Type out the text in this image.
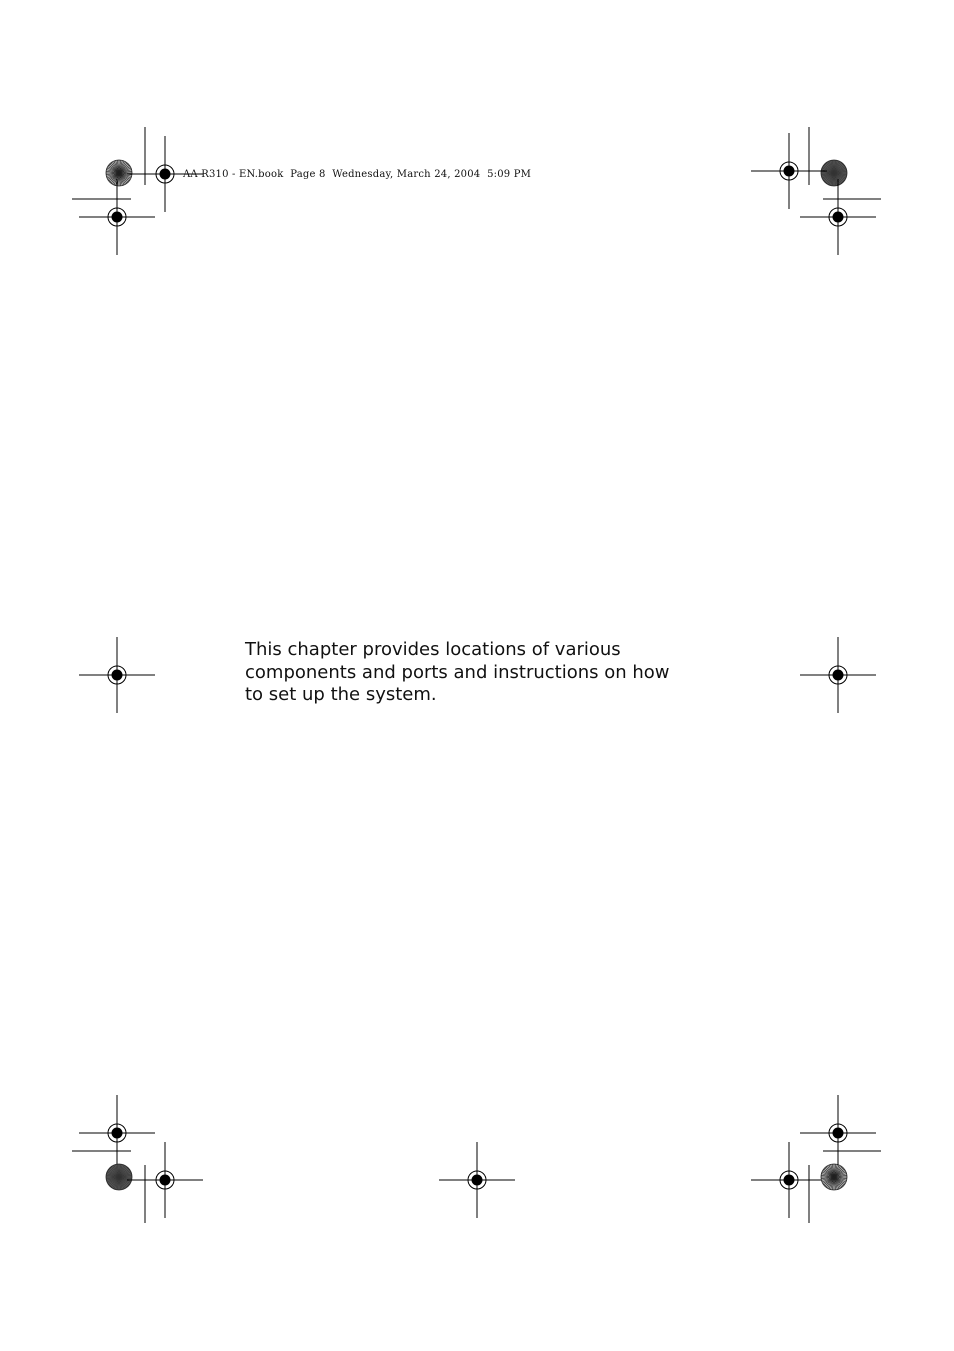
AA R310 - EN.book  Page 8  Wednesday, March 24, 2004  5:09 PM

This chapter provides locations of various components and ports and instructions on how to set up the system.
